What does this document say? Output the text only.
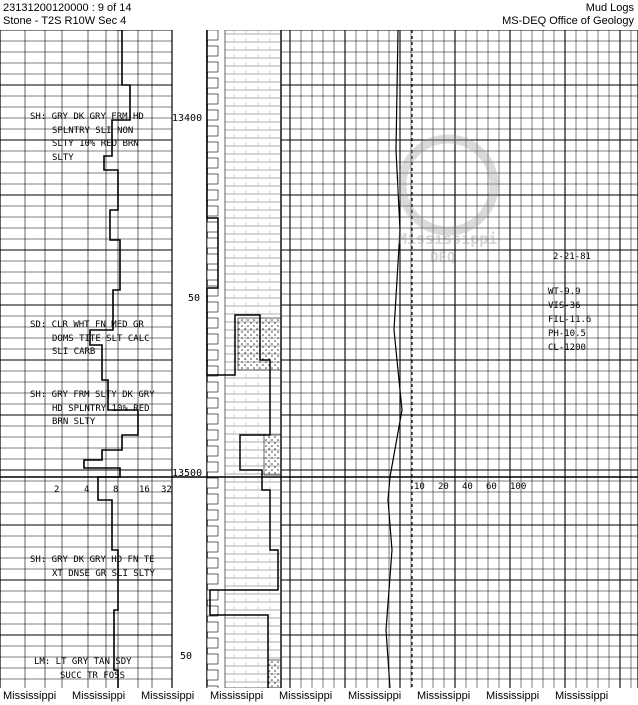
23131200120000 : 9 of 14
Stone - T2S R10W Sec 4
Mud Logs
MS-DEQ Office of Geology
13400
50
13500
50
2	4	8 16 32	10 20 40 60 100
SH: GRY DK GRY FRM HD
SPLNTRY SLI NON
SLTY 10% RED BRN
SLTY
SD: CLR WHT FN MED GR
DOMS TITE SLT CALC
SLI CARB
SH: GRY FRM SLTY DK GRY
HD SPLNTRY 10% RED
BRN SLTY
SH: GRY DK GRY HD FN TE
XT DNSE GR SLI SLTY
LM: LT GRY TAN SDY
SUCC TR FOSS
2-21-81
WT-9.9
VIS-36
FIL-11.6
PH-10.5
CL-1200
Mississippi
DEQ
Mississippi Mississippi Mississippi Mississippi Mississippi Mississippi Mississippi Mississippi Mississippi
